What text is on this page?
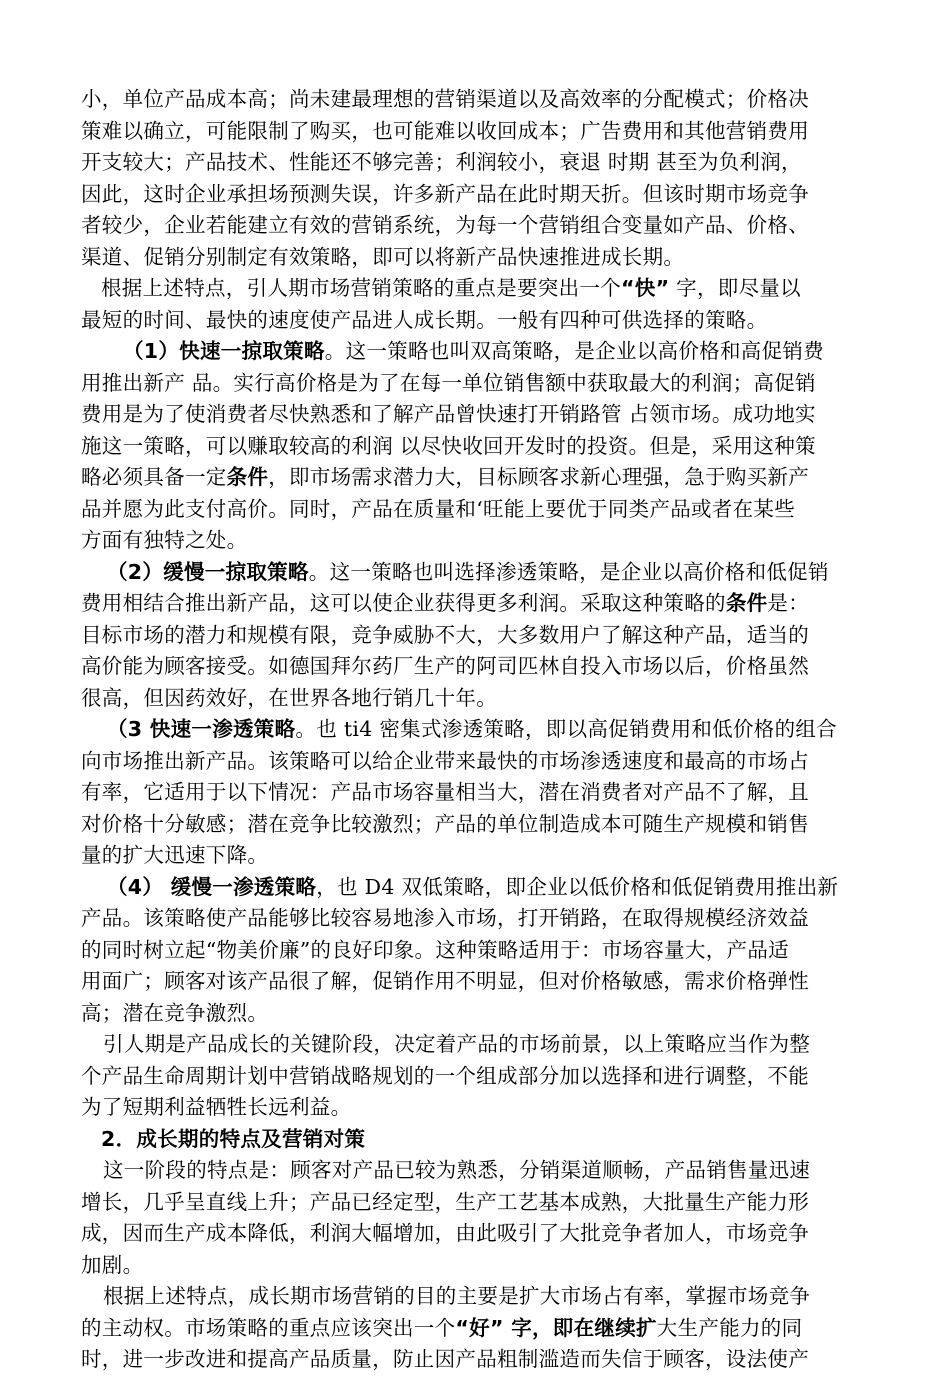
小，单位产品成本高；尚未建最理想的营销渠道以及高效率的分配模式；价格决
策难以确立，可能限制了购买，也可能难以收回成本；广告费用和其他营销费用
开支较大；产品技术、性能还不够完善；利润较小，衰退 时期 甚至为负利润，
因此，这时企业承担场预测失误，许多新产品在此时期天折。但该时期市场竞争
者较少，企业若能建立有效的营销系统，为每一个营销组合变量如产品、价格、
渠道、促销分别制定有效策略，即可以将新产品快速推进成长期。
根据上述特点，引人期市场营销策略的重点是要突出一个“快” 字，即尽量以
最短的时间、最快的速度使产品进人成长期。一般有四种可供选择的策略。
（1）快速一掠取策略。这一策略也叫双高策略，是企业以高价格和高促销费
用推出新产 品。实行高价格是为了在每一单位销售额中获取最大的利润；高促销
费用是为了使消费者尽快熟悉和了解产品曾快速打开销路管 占领市场。成功地实
施这一策略，可以赚取较高的利润 以尽快收回开发时的投资。但是，采用这种策
略必须具备一定条件，即市场需求潜力大，目标顾客求新心理强，急于购买新产
品并愿为此支付高价。同时，产品在质量和‘旺能上要优于同类产品或者在某些
方面有独特之处。
（2）缓慢一掠取策略。这一策略也叫选择渗透策略，是企业以高价格和低促销
费用相结合推出新产品，这可以使企业获得更多利润。采取这种策略的条件是：
目标市场的潜力和规模有限，竞争威胁不大，大多数用户了解这种产品，适当的
高价能为顾客接受。如德国拜尔药厂生产的阿司匹林自投入市场以后，价格虽然
很高，但因药效好，在世界各地行销几十年。
（3 快速一渗透策略。也 ti4 密集式渗透策略，即以高促销费用和低价格的组合
向市场推出新产品。该策略可以给企业带来最快的市场渗透速度和最高的市场占
有率，它适用于以下情况：产品市场容量相当大，潜在消费者对产品不了解，且
对价格十分敏感；潜在竞争比较激烈；产品的单位制造成本可随生产规模和销售
量的扩大迅速下降。
（4） 缓慢一渗透策略，也 D4 双低策略，即企业以低价格和低促销费用推出新
产品。该策略使产品能够比较容易地渗入市场，打开销路，在取得规模经济效益
的同时树立起“物美价廉”的良好印象。这种策略适用于：市场容量大，产品适
用面广；顾客对该产品很了解，促销作用不明显，但对价格敏感，需求价格弹性
高；潜在竞争激烈。
引人期是产品成长的关键阶段，决定着产品的市场前景，以上策略应当作为整
个产品生命周期计划中营销战略规划的一个组成部分加以选择和进行调整，不能
为了短期利益牺牲长远利益。
2．成长期的特点及营销对策
这一阶段的特点是：顾客对产品已较为熟悉，分销渠道顺畅，产品销售量迅速
增长，几乎呈直线上升；产品已经定型，生产工艺基本成熟，大批量生产能力形
成，因而生产成本降低，利润大幅增加，由此吸引了大批竞争者加人，市场竞争
加剧。
根据上述特点，成长期市场营销的目的主要是扩大市场占有率，掌握市场竞争
的主动权。市场策略的重点应该突出一个“好” 字，即在继续扩大生产能力的同
时，进一步改进和提高产品质量，防止因产品粗制滥造而失信于顾客，设法使产
